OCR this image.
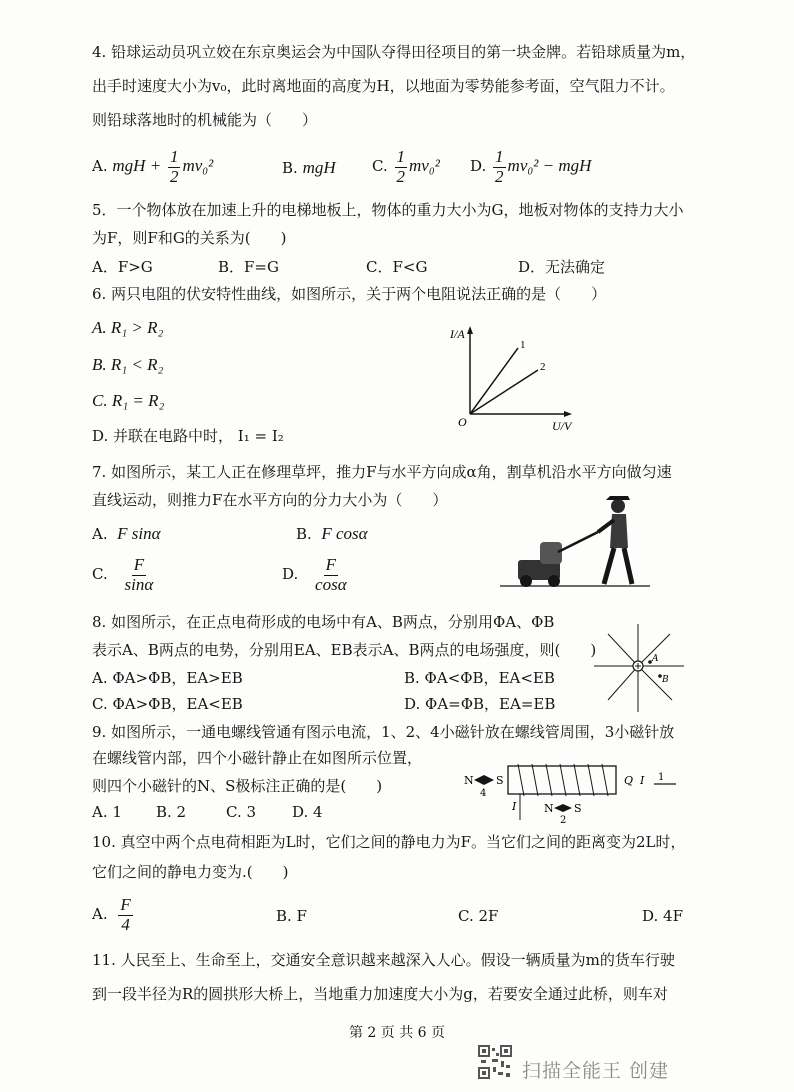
4. 铅球运动员巩立姣在东京奥运会为中国队夺得田径项目的第一块金牌。若铅球质量为m，
出手时速度大小为v₀，此时离地面的高度为H，以地面为零势能参考面，空气阻力不计。
则铅球落地时的机械能为（　　）
A. mgH + $\frac{1}{2} mv_0^2$	B. mgH C. $\frac{1}{2} mv_0^2$ D. $\frac{1}{2} mv_0^2$ − mgH
5．一个物体放在加速上升的电梯地板上，物体的重力大小为G，地板对物体的支持力大小
为F，则F和G的关系为(　　)
A．F>G	B．F=G	C．F<G	D．无法确定
6. 两只电阻的伏安特性曲线，如图所示，关于两个电阻说法正确的是（　　）
A. R₁ > R₂
B. R₁ < R₂
C. R₁ = R₂
D. 并联在电路中时， I₁ = I₂
I/A
U/V
O
1
2
7. 如图所示，某工人正在修理草坪，推力F与水平方向成α角，割草机沿水平方向做匀速
直线运动，则推力F在水平方向的分力大小为（　　）
A. F sinα	B. F cosα
C. $\frac{F}{\sin\alpha}$	D. $\frac{F}{\cos\alpha}$
8. 如图所示，在正点电荷形成的电场中有A、B两点，分别用ΦA、ΦB
表示A、B两点的电势，分别用EA、EB表示A、B两点的电场强度，则(　　)
A. ΦA>ΦB，EA>EB	B. ΦA<ΦB，EA<EB
C. ΦA>ΦB，EA<EB	D. ΦA=ΦB，EA=EB
A
B
9. 如图所示，一通电螺线管通有图示电流，1、2、4小磁针放在螺线管周围，3小磁针放
在螺线管内部，四个小磁针静止在如图所示位置，
则四个小磁针的N、S极标注正确的是(　　)
A. 1 B. 2	C. 3 D. 4
N S
4
I	N S
2
Q I 1
10. 真空中两个点电荷相距为L时，它们之间的静电力为F。当它们之间的距离变为2L时，
它们之间的静电力变为.(　　)
A. $\frac{F}{4}$	B. F	C. 2F	D. 4F
11. 人民至上、生命至上，交通安全意识越来越深入人心。假设一辆质量为m的货车行驶
到一段半径为R的圆拱形大桥上，当地重力加速度大小为g，若要安全通过此桥，则车对
第 2 页 共 6 页
扫描全能王 创建
